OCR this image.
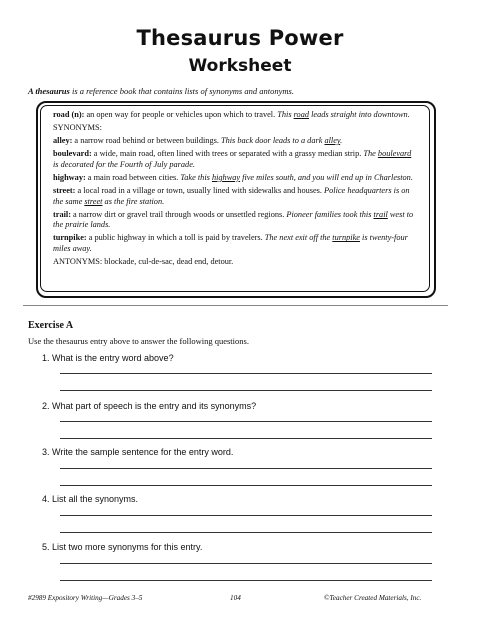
Thesaurus Power
Worksheet
A thesaurus is a reference book that contains lists of synonyms and antonyms.

road (n): an open way for people or vehicles upon which to travel. This road leads straight into downtown.

SYNONYMS:

alley: a narrow road behind or between buildings. This back door leads to a dark alley.

boulevard: a wide, main road, often lined with trees or separated with a grassy median strip. The boulevard is decorated for the Fourth of July parade.

highway: a main road between cities. Take this highway five miles south, and you will end up in Charleston.

street: a local road in a village or town, usually lined with sidewalks and houses. Police headquarters is on the same street as the fire station.

trail: a narrow dirt or gravel trail through woods or unsettled regions. Pioneer families took this trail west to the prairie lands.

turnpike: a public highway in which a toll is paid by travelers. The next exit off the turnpike is twenty-four miles away.

ANTONYMS: blockade, cul-de-sac, dead end, detour.

Exercise A
Use the thesaurus entry above to answer the following questions.
1. What is the entry word above?
2. What part of speech is the entry and its synonyms?
3. Write the sample sentence for the entry word.
4. List all the synonyms.
5. List two more synonyms for this entry.
#2989 Expository Writing—Grades 3–5	104	©Teacher Created Materials, Inc.
